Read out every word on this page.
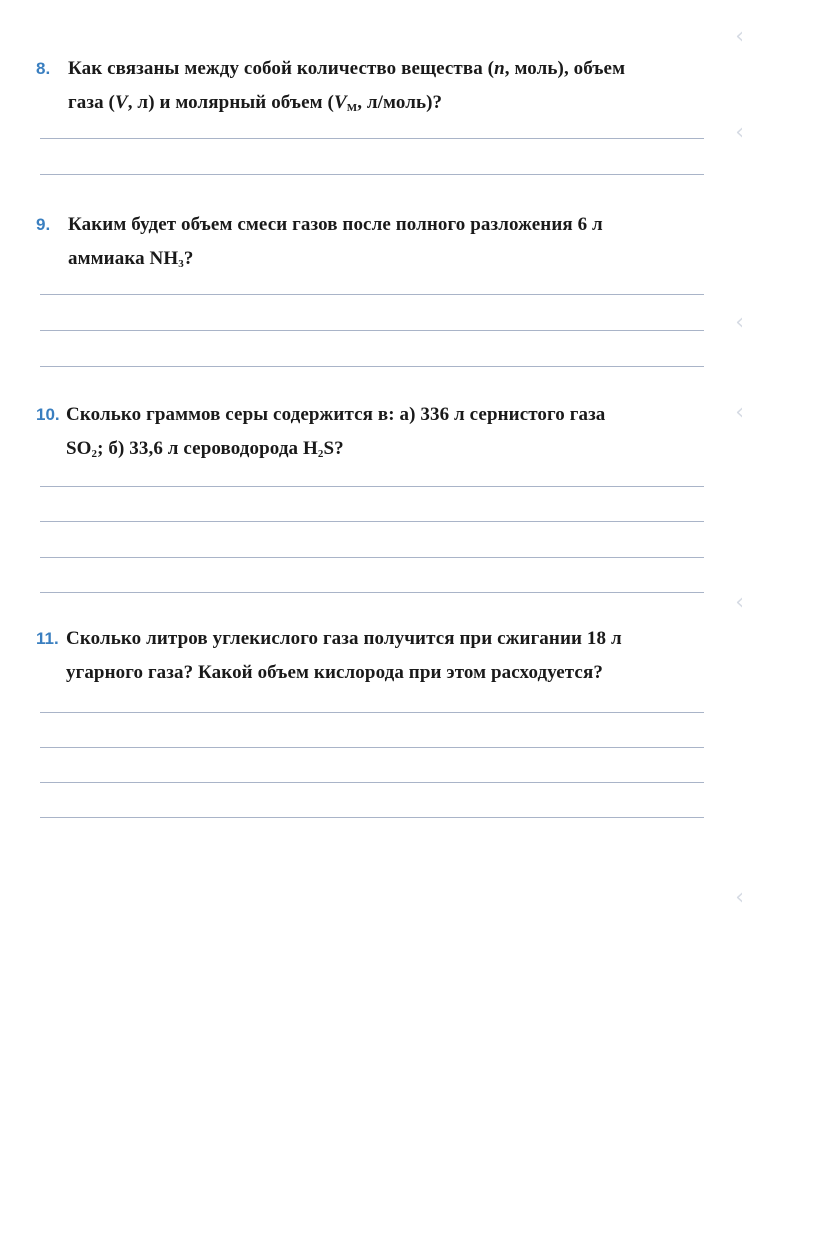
8. Как связаны между собой количество вещества (n, моль), объем
газа (V, л) и молярный объем ($V_M$, л/моль)?
9. Каким будет объем смеси газов после полного разложения 6 л
аммиака $NH_3$?
10. Сколько граммов серы содержится в: а) 336 л сернистого газа
$SO_2$; б) 33,6 л сероводорода $H_2S$?
11. Сколько литров углекислого газа получится при сжигании 18 л
угарного газа? Какой объем кислорода при этом расходуется?
‹
‹
‹
‹
‹
‹
